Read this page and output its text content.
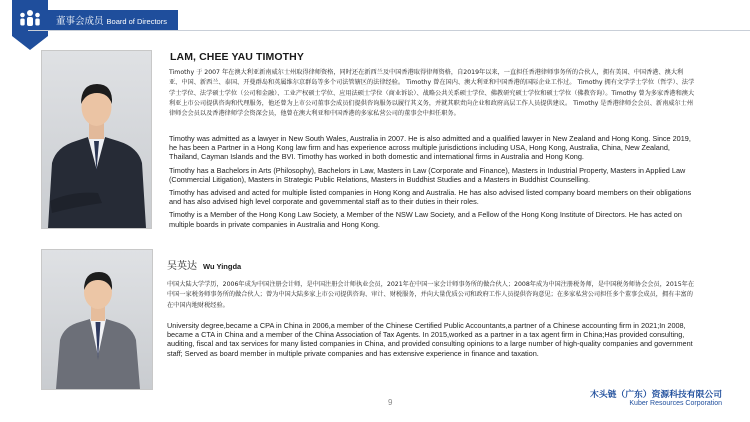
董事会成员 Board of Directors
LAM, CHEE YAU TIMOTHY
Timothy 于 2007 年在澳大利亚新南威尔士州取得律师资格，同时还在新西兰及中国香港取得律师资格，自2019年以来，一直担任香港律师事务所的合伙人，拥有美国、中国香港、澳大利亚、中国、新西兰、泰国、开曼群岛和英属维尔京群岛等多个司法管辖区的法律经验。 Timothy 曾在国内、澳大利亚和中国香港的国际企业工作过。 Timothy 拥有文学学士学位（哲学）、法学学士学位、法学硕士学位（公司和金融）、工业产权硕士学位、应用法硕士学位（商业诉讼）、战略公共关系硕士学位、佛教研究硕士学位和硕士学位（佛教咨询）。Timothy 曾为多家香港和澳大利亚上市公司提供咨询和代理服务，他还曾为上市公司董事会成员们提供咨询服务以履行其义务，并就其职责向企业和政府高层工作人员提供建议。 Timothy 是香港律师会会员、新南威尔士州律师会会员以及香港律师学会资深会员，他曾在澳大利亚和中国香港的多家私营公司的董事会中担任职务。

Timothy was admitted as a lawyer in New South Wales, Australia in 2007. He is also admitted and a qualified lawyer in New Zealand and Hong Kong. Since 2019, he has been a Partner in a Hong Kong law firm and has experience across multiple jurisdictions including USA, Hong Kong, Australia, China, New Zealand, Thailand, Cayman Islands and the BVI. Timothy has worked in both domestic and international firms in Australia and Hong Kong.

Timothy has a Bachelors in Arts (Philosophy), Bachelors in Law, Masters in Law (Corporate and Finance), Masters in Industrial Property, Masters in Applied Law (Commercial Litigation), Masters in Strategic Public Relations, Masters in Buddhist Studies and a Masters in Buddhist Counselling.

Timothy has advised and acted for multiple listed companies in Hong Kong and Australia. He has also advised listed company board members on their obligations and has also advised high level corporate and governmental staff as to their duties in their roles.

Timothy is a Member of the Hong Kong Law Society, a Member of the NSW Law Society, and a Fellow of the Hong Kong Institute of Directors. He has acted on multiple boards in private companies in Australia and Hong Kong.

吴英达 Wu Yingda
中国大陆大学学历，2006年成为中国注册会计师，是中国注册会计师执业会员，2021年在中国一家会计师事务所的做合伙人；2008年成为中国注册税务师，是中国税务师协会会员，2015年在中国一家税务师事务所的做合伙人；曾为中国大陆多家上市公司提供咨询、审计、财税服务，并向大量优质公司和政府工作人员提供咨询意见；在多家私营公司担任多个董事会成员，拥有丰富的在中国内地财税经验。
University degree,became a CPA in China in 2006,a member of the Chinese Certified Public Accountants,a partner of a Chinese accounting firm in 2021;In 2008, became a CTA in China and a member of the China Association of Tax Agents. In 2015,worked as a partner in a tax agent firm in China;Has provided consulting, auditing, fiscal and tax services for many listed companies in China, and provided consulting opinions to a large number of high-quality companies and government staff; Served as board member in multiple private companies and has extensive experience in finance and taxation.
9
木头链（广东）资源科技有限公司
Kuber Resources Corporation
